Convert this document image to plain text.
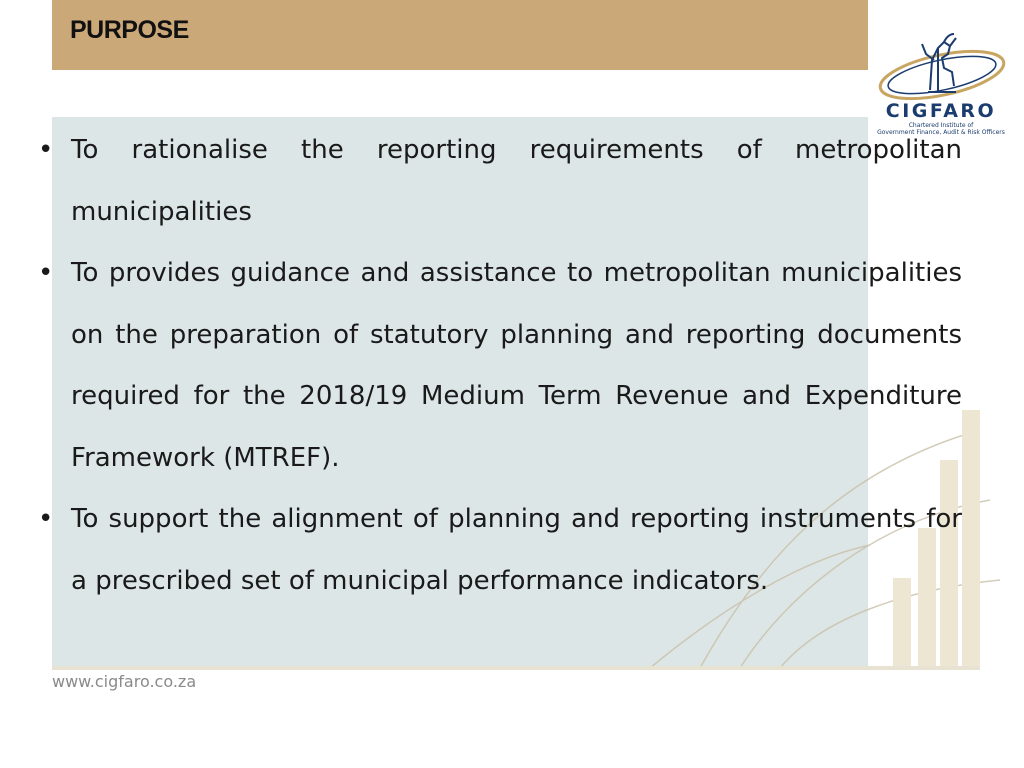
PURPOSE
CIGFARO
Chartered Institute of
Government Finance, Audit & Risk Officers
• To rationalise the reporting requirements of metropolitan municipalities
• To provides guidance and assistance to metropolitan municipalities on the preparation of statutory planning and reporting documents required for the 2018/19 Medium Term Revenue and Expenditure Framework (MTREF).
• To support the alignment of planning and reporting instruments for a prescribed set of municipal performance indicators.
www.cigfaro.co.za
